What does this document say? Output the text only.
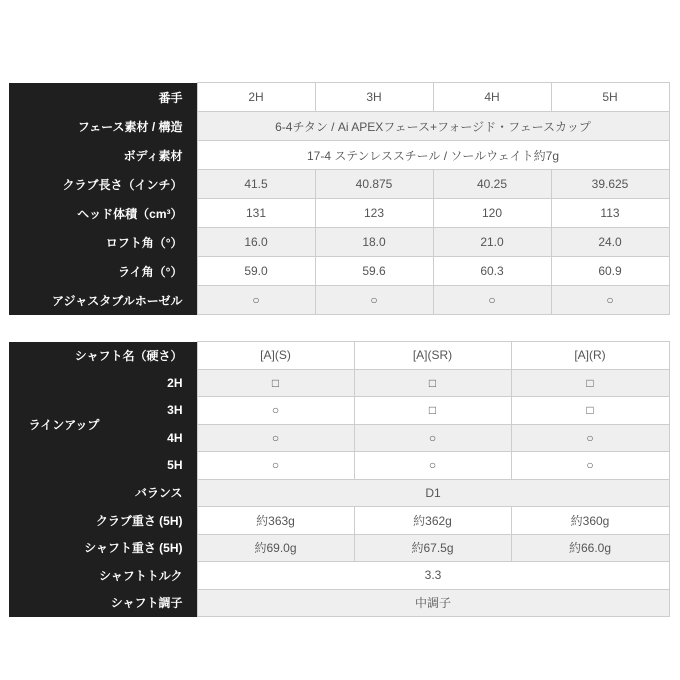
番手	2H	3H	4H	5H
フェース素材 / 構造	6-4チタン / Ai APEXフェース+フォージド・フェースカップ			
ボディ素材	17-4 ステンレススチール / ソールウェイト約7g			
クラブ長さ（インチ）	41.5	40.875	40.25	39.625
ヘッド体積（cm³）	131	123	120	113
ロフト角（°）	16.0	18.0	21.0	24.0
ライ角（°）	59.0	59.6	60.3	60.9
アジャスタブルホーゼル	○	○	○	○
シャフト名（硬さ）		[A](S)	[A](SR)	[A](R)
ラインアップ	2H	□	□	□
	3H	○	□	□
	4H	○	○	○
	5H	○	○	○
バランス		D1		
クラブ重さ (5H)		約363g	約362g	約360g
シャフト重さ (5H)		約69.0g	約67.5g	約66.0g
シャフトトルク		3.3		
シャフト調子		中調子		
